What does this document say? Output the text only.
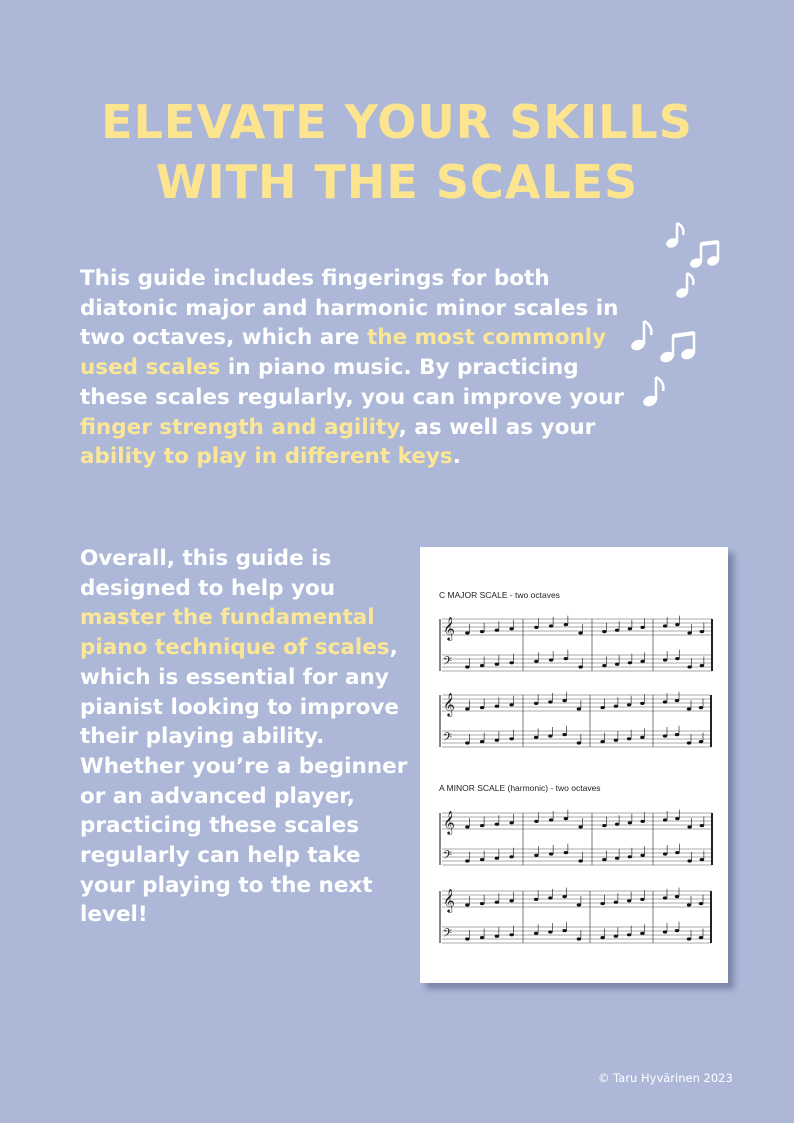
ELEVATE YOUR SKILLS
WITH THE SCALES
This guide includes fingerings for both diatonic major and harmonic minor scales in two octaves, which are the most commonly used scales in piano music. By practicing these scales regularly, you can improve your finger strength and agility, as well as your ability to play in different keys.
Overall, this guide is designed to help you master the fundamental piano technique of scales, which is essential for any pianist looking to improve their playing ability. Whether you’re a beginner or an advanced player, practicing these scales regularly can help take your playing to the next level!
C MAJOR SCALE - two octaves
A MINOR SCALE (harmonic) - two octaves
𝄞
𝄢
𝄞
𝄢
𝄞
𝄢
𝄞
𝄢
© Taru Hyvärinen 2023
